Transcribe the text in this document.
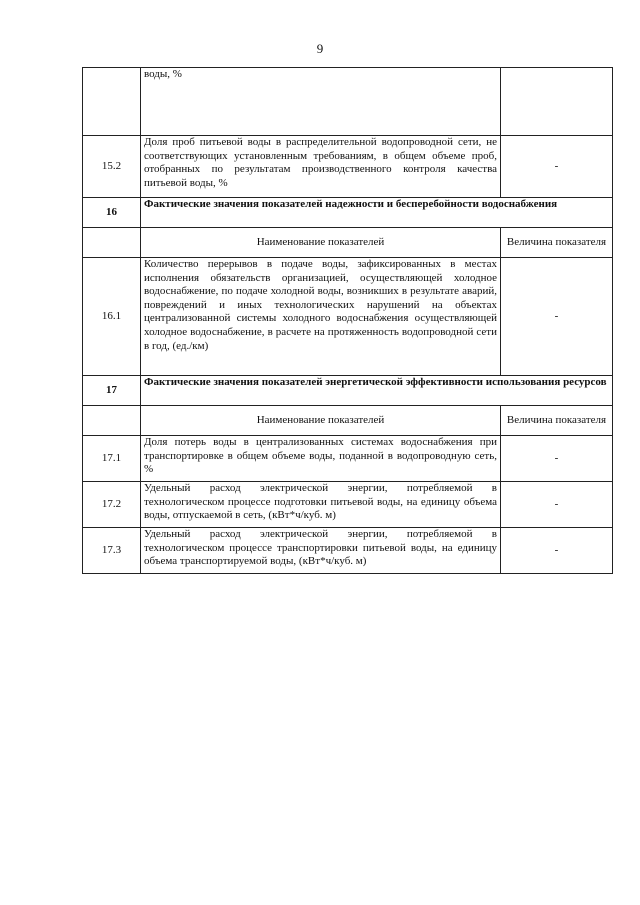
9
	воды, %	
15.2	Доля проб питьевой воды в распределительной водопроводной сети, не соответствующих установленным требованиям, в общем объеме проб, отобранных по результатам производственного контроля качества питьевой воды, %	-
16	Фактические значения показателей надежности и бесперебойности водоснабжения	
	Наименование показателей	Величина показателя
16.1	Количество перерывов в подаче воды, зафиксированных в местах исполнения обязательств организацией, осуществляющей холодное водоснабжение, по подаче холодной воды, возникших в результате аварий, повреждений и иных технологических нарушений на объектах централизованной системы холодного водоснабжения осуществляющей холодное водоснабжение, в расчете на протяженность водопроводной сети в год, (ед./км)	-
17	Фактические значения показателей энергетической эффективности использования ресурсов	
	Наименование показателей	Величина показателя
17.1	Доля потерь воды в централизованных системах водоснабжения при транспортировке в общем объеме воды, поданной в водопроводную сеть, %	-
17.2	Удельный расход электрической энергии, потребляемой в технологическом процессе подготовки питьевой воды, на единицу объема воды, отпускаемой в сеть, (кВт*ч/куб. м)	-
17.3	Удельный расход электрической энергии, потребляемой в технологическом процессе транспортировки питьевой воды, на единицу объема транспортируемой воды, (кВт*ч/куб. м)	-
